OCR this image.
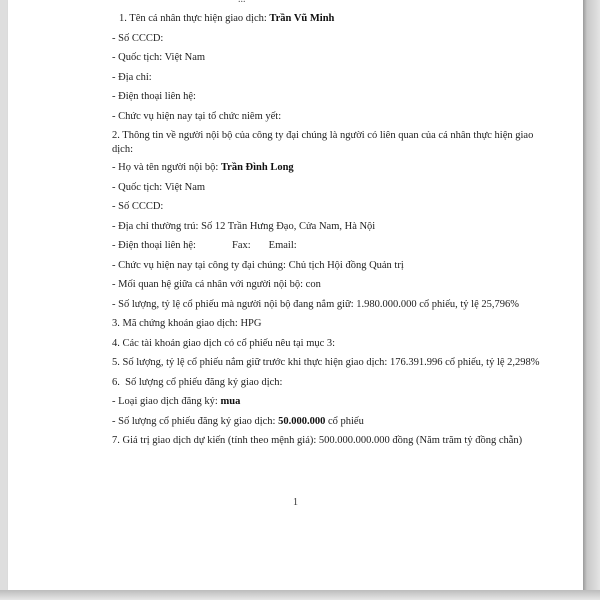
1. Tên cá nhân thực hiện giao dịch: Trần Vũ Minh
- Số CCCD:
- Quốc tịch: Việt Nam
- Địa chỉ:
- Điện thoại liên hệ:
- Chức vụ hiện nay tại tổ chức niêm yết:
2. Thông tin về người nội bộ của công ty đại chúng là người có liên quan của cá nhân thực hiện giao dịch:
- Họ và tên người nội bộ: Trần Đình Long
- Quốc tịch: Việt Nam
- Số CCCD:
- Địa chỉ thường trú: Số 12 Trần Hưng Đạo, Cửa Nam, Hà Nội
- Điện thoại liên hệ:	Fax: Email:
- Chức vụ hiện nay tại công ty đại chúng: Chủ tịch Hội đồng Quản trị
- Mối quan hệ giữa cá nhân với người nội bộ: con
- Số lượng, tỷ lệ cổ phiếu mà người nội bộ đang nắm giữ: 1.980.000.000 cổ phiếu, tỷ lệ 25,796%
3. Mã chứng khoán giao dịch: HPG
4. Các tài khoản giao dịch có cổ phiếu nêu tại mục 3:
5. Số lượng, tỷ lệ cổ phiếu nắm giữ trước khi thực hiện giao dịch: 176.391.996 cổ phiếu, tỷ lệ 2,298%
6.  Số lượng cổ phiếu đăng ký giao dịch:
- Loại giao dịch đăng ký: mua
- Số lượng cổ phiếu đăng ký giao dịch: 50.000.000 cổ phiếu
7. Giá trị giao dịch dự kiến (tính theo mệnh giá): 500.000.000.000 đồng (Năm trăm tỷ đồng chẵn)
1
